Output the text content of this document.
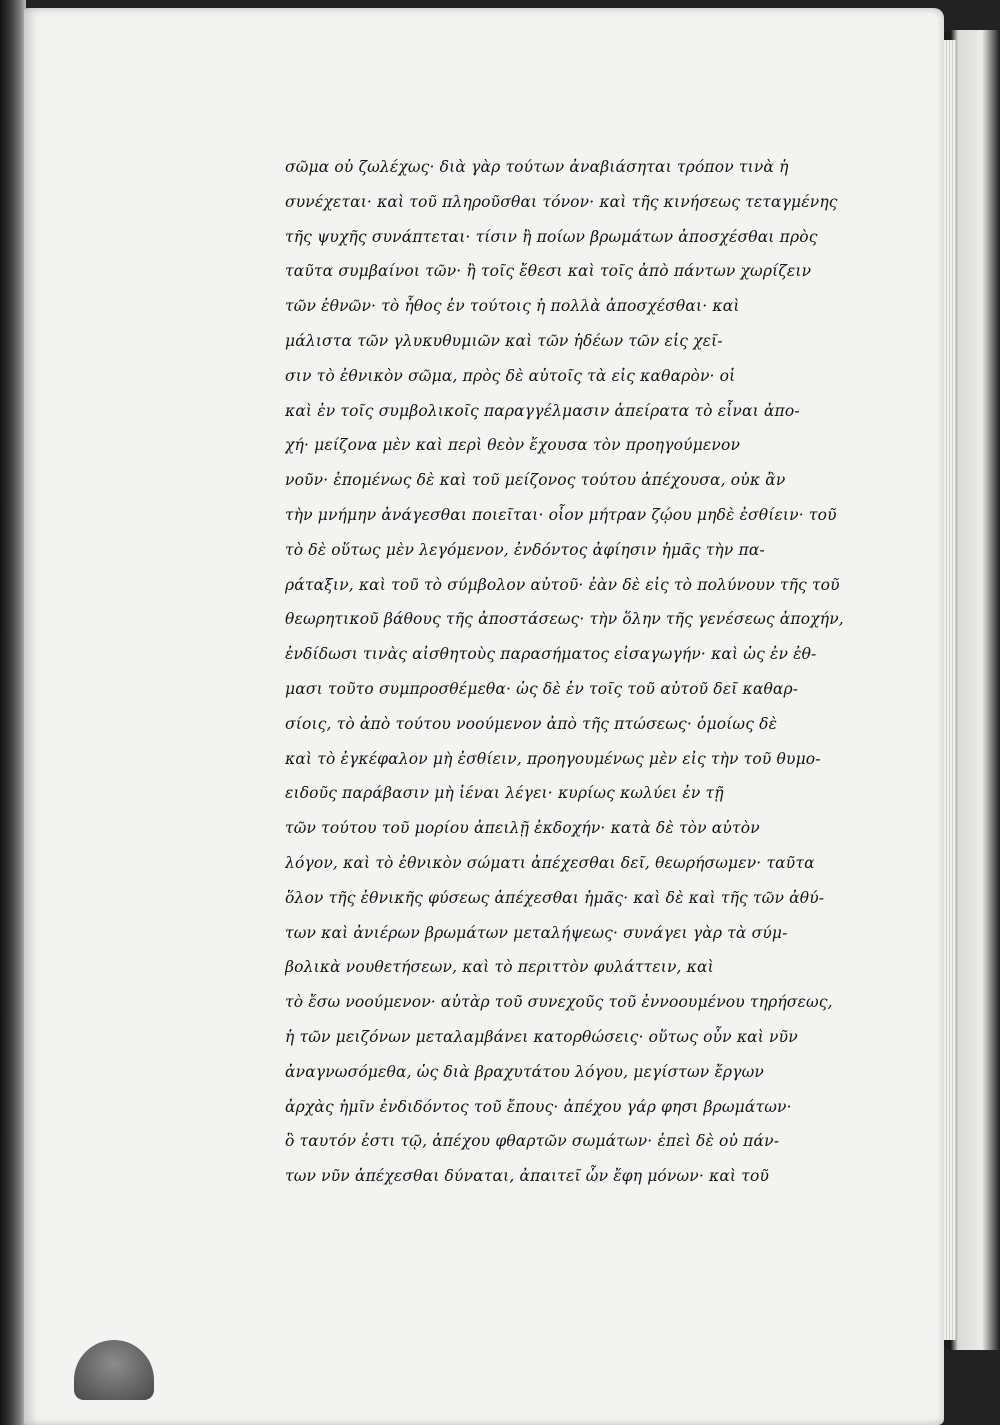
σῶμα οὐ ζωλέχως· διὰ γὰρ τούτων ἀναβιάσηται τρόπον τινὰ ἡ
συνέχεται· καὶ τοῦ πληροῦσθαι τόνον· καὶ τῆς κινήσεως τεταγμένης
τῆς ψυχῆς συνάπτεται· τίσιν ἢ ποίων βρωμάτων ἀποσχέσθαι πρὸς
ταῦτα συμβαίνοι τῶν· ἢ τοῖς ἔθεσι καὶ τοῖς ἀπὸ πάντων χωρίζειν
τῶν ἐθνῶν· τὸ ἦθος ἐν τούτοις ἡ πολλὰ ἀποσχέσθαι· καὶ
μάλιστα τῶν γλυκυθυμιῶν καὶ τῶν ἡδέων τῶν εἰς χεῖ-
σιν τὸ ἐθνικὸν σῶμα, πρὸς δὲ αὐτοῖς τὰ εἰς καθαρὸν· οἱ
καὶ ἐν τοῖς συμβολικοῖς παραγγέλμασιν ἀπείρατα τὸ εἶναι ἀπο-
χή· μείζονα μὲν καὶ περὶ θεὸν ἔχουσα τὸν προηγούμενον
νοῦν· ἑπομένως δὲ καὶ τοῦ μείζονος τούτου ἀπέχουσα, οὐκ ἂν
τὴν μνήμην ἀνάγεσθαι ποιεῖται· οἷον μήτραν ζῴου μηδὲ ἐσθίειν· τοῦ
τὸ δὲ οὕτως μὲν λεγόμενον, ἐνδόντος ἀφίησιν ἡμᾶς τὴν πα-
ράταξιν, καὶ τοῦ τὸ σύμβολον αὐτοῦ· ἐὰν δὲ εἰς τὸ πολύνουν τῆς τοῦ
θεωρητικοῦ βάθους τῆς ἀποστάσεως· τὴν ὅλην τῆς γενέσεως ἀποχήν,
ἐνδίδωσι τινὰς αἰσθητοὺς παρασήματος εἰσαγωγήν· καὶ ὡς ἐν ἐθ-
μασι τοῦτο συμπροσθέμεθα· ὡς δὲ ἐν τοῖς τοῦ αὐτοῦ δεῖ καθαρ-
σίοις, τὸ ἀπὸ τούτου νοούμενον ἀπὸ τῆς πτώσεως· ὁμοίως δὲ
καὶ τὸ ἐγκέφαλον μὴ ἐσθίειν, προηγουμένως μὲν εἰς τὴν τοῦ θυμο-
ειδοῦς παράβασιν μὴ ἰέναι λέγει· κυρίως κωλύει ἐν τῇ
τῶν τούτου τοῦ μορίου ἀπειλῇ ἐκδοχήν· κατὰ δὲ τὸν αὐτὸν
λόγον, καὶ τὸ ἐθνικὸν σώματι ἀπέχεσθαι δεῖ, θεωρήσωμεν· ταῦτα
ὅλον τῆς ἐθνικῆς φύσεως ἀπέχεσθαι ἡμᾶς· καὶ δὲ καὶ τῆς τῶν ἀθύ-
των καὶ ἀνιέρων βρωμάτων μεταλήψεως· συνάγει γὰρ τὰ σύμ-
βολικὰ νουθετήσεων, καὶ τὸ περιττὸν φυλάττειν, καὶ
τὸ ἔσω νοούμενον· αὐτὰρ τοῦ συνεχοῦς τοῦ ἐννοουμένου τηρήσεως,
ἡ τῶν μειζόνων μεταλαμβάνει κατορθώσεις· οὕτως οὖν καὶ νῦν
ἀναγνωσόμεθα, ὡς διὰ βραχυτάτου λόγου, μεγίστων ἔργων
ἀρχὰς ἡμῖν ἐνδιδόντος τοῦ ἔπους· ἀπέχου γάρ φησι βρωμάτων·
ὃ ταυτόν ἐστι τῷ, ἀπέχου φθαρτῶν σωμάτων· ἐπεὶ δὲ οὐ πάν-
των νῦν ἀπέχεσθαι δύναται, ἀπαιτεῖ ὧν ἔφη μόνων· καὶ τοῦ
